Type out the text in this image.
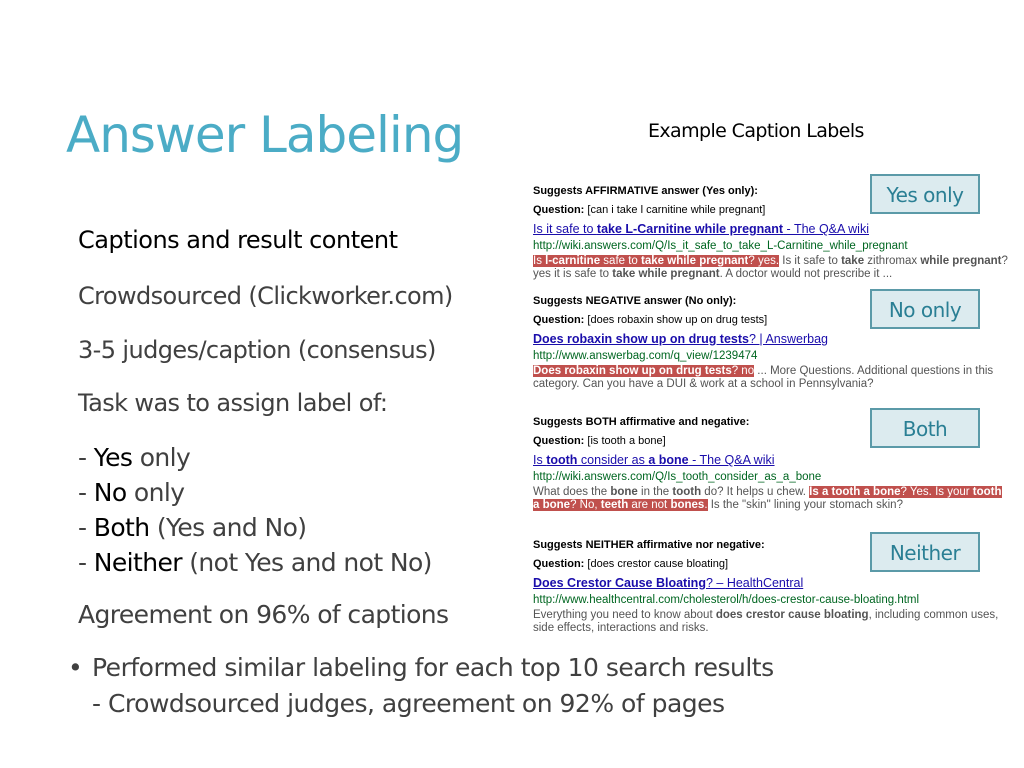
Answer Labeling

Captions and result content

Crowdsourced (Clickworker.com)

3-5 judges/caption (consensus)

Task was to assign label of:

- Yes only
- No only
- Both (Yes and No)
- Neither (not Yes and not No)

Agreement on 96% of captions

• Performed similar labeling for each top 10 search results
- Crowdsourced judges, agreement on 92% of pages
Example Caption Labels
Suggests AFFIRMATIVE answer (Yes only):
Question: [can i take l carnitine while pregnant]
Is it safe to take L-Carnitine while pregnant - The Q&A wiki
http://wiki.answers.com/Q/Is_it_safe_to_take_L-Carnitine_while_pregnant
Is l-carnitine safe to take while pregnant? yes. Is it safe to take zithromax while pregnant? yes it is safe to take while pregnant. A doctor would not prescribe it ...
Suggests NEGATIVE answer (No only):
Question: [does robaxin show up on drug tests]
Does robaxin show up on drug tests? | Answerbag
http://www.answerbag.com/q_view/1239474
Does robaxin show up on drug tests? no ... More Questions. Additional questions in this category. Can you have a DUI & work at a school in Pennsylvania?
Suggests BOTH affirmative and negative:
Question: [is tooth a bone]
Is tooth consider as a bone - The Q&A wiki
http://wiki.answers.com/Q/Is_tooth_consider_as_a_bone
What does the bone in the tooth do? It helps u chew. Is a tooth a bone? Yes. Is your tooth a bone? No, teeth are not bones. Is the "skin" lining your stomach skin?
Suggests NEITHER affirmative nor negative:
Question: [does crestor cause bloating]
Does Crestor Cause Bloating? – HealthCentral
http://www.healthcentral.com/cholesterol/h/does-crestor-cause-bloating.html
Everything you need to know about does crestor cause bloating, including common uses, side effects, interactions and risks.
Yes only
No only
Both
Neither
